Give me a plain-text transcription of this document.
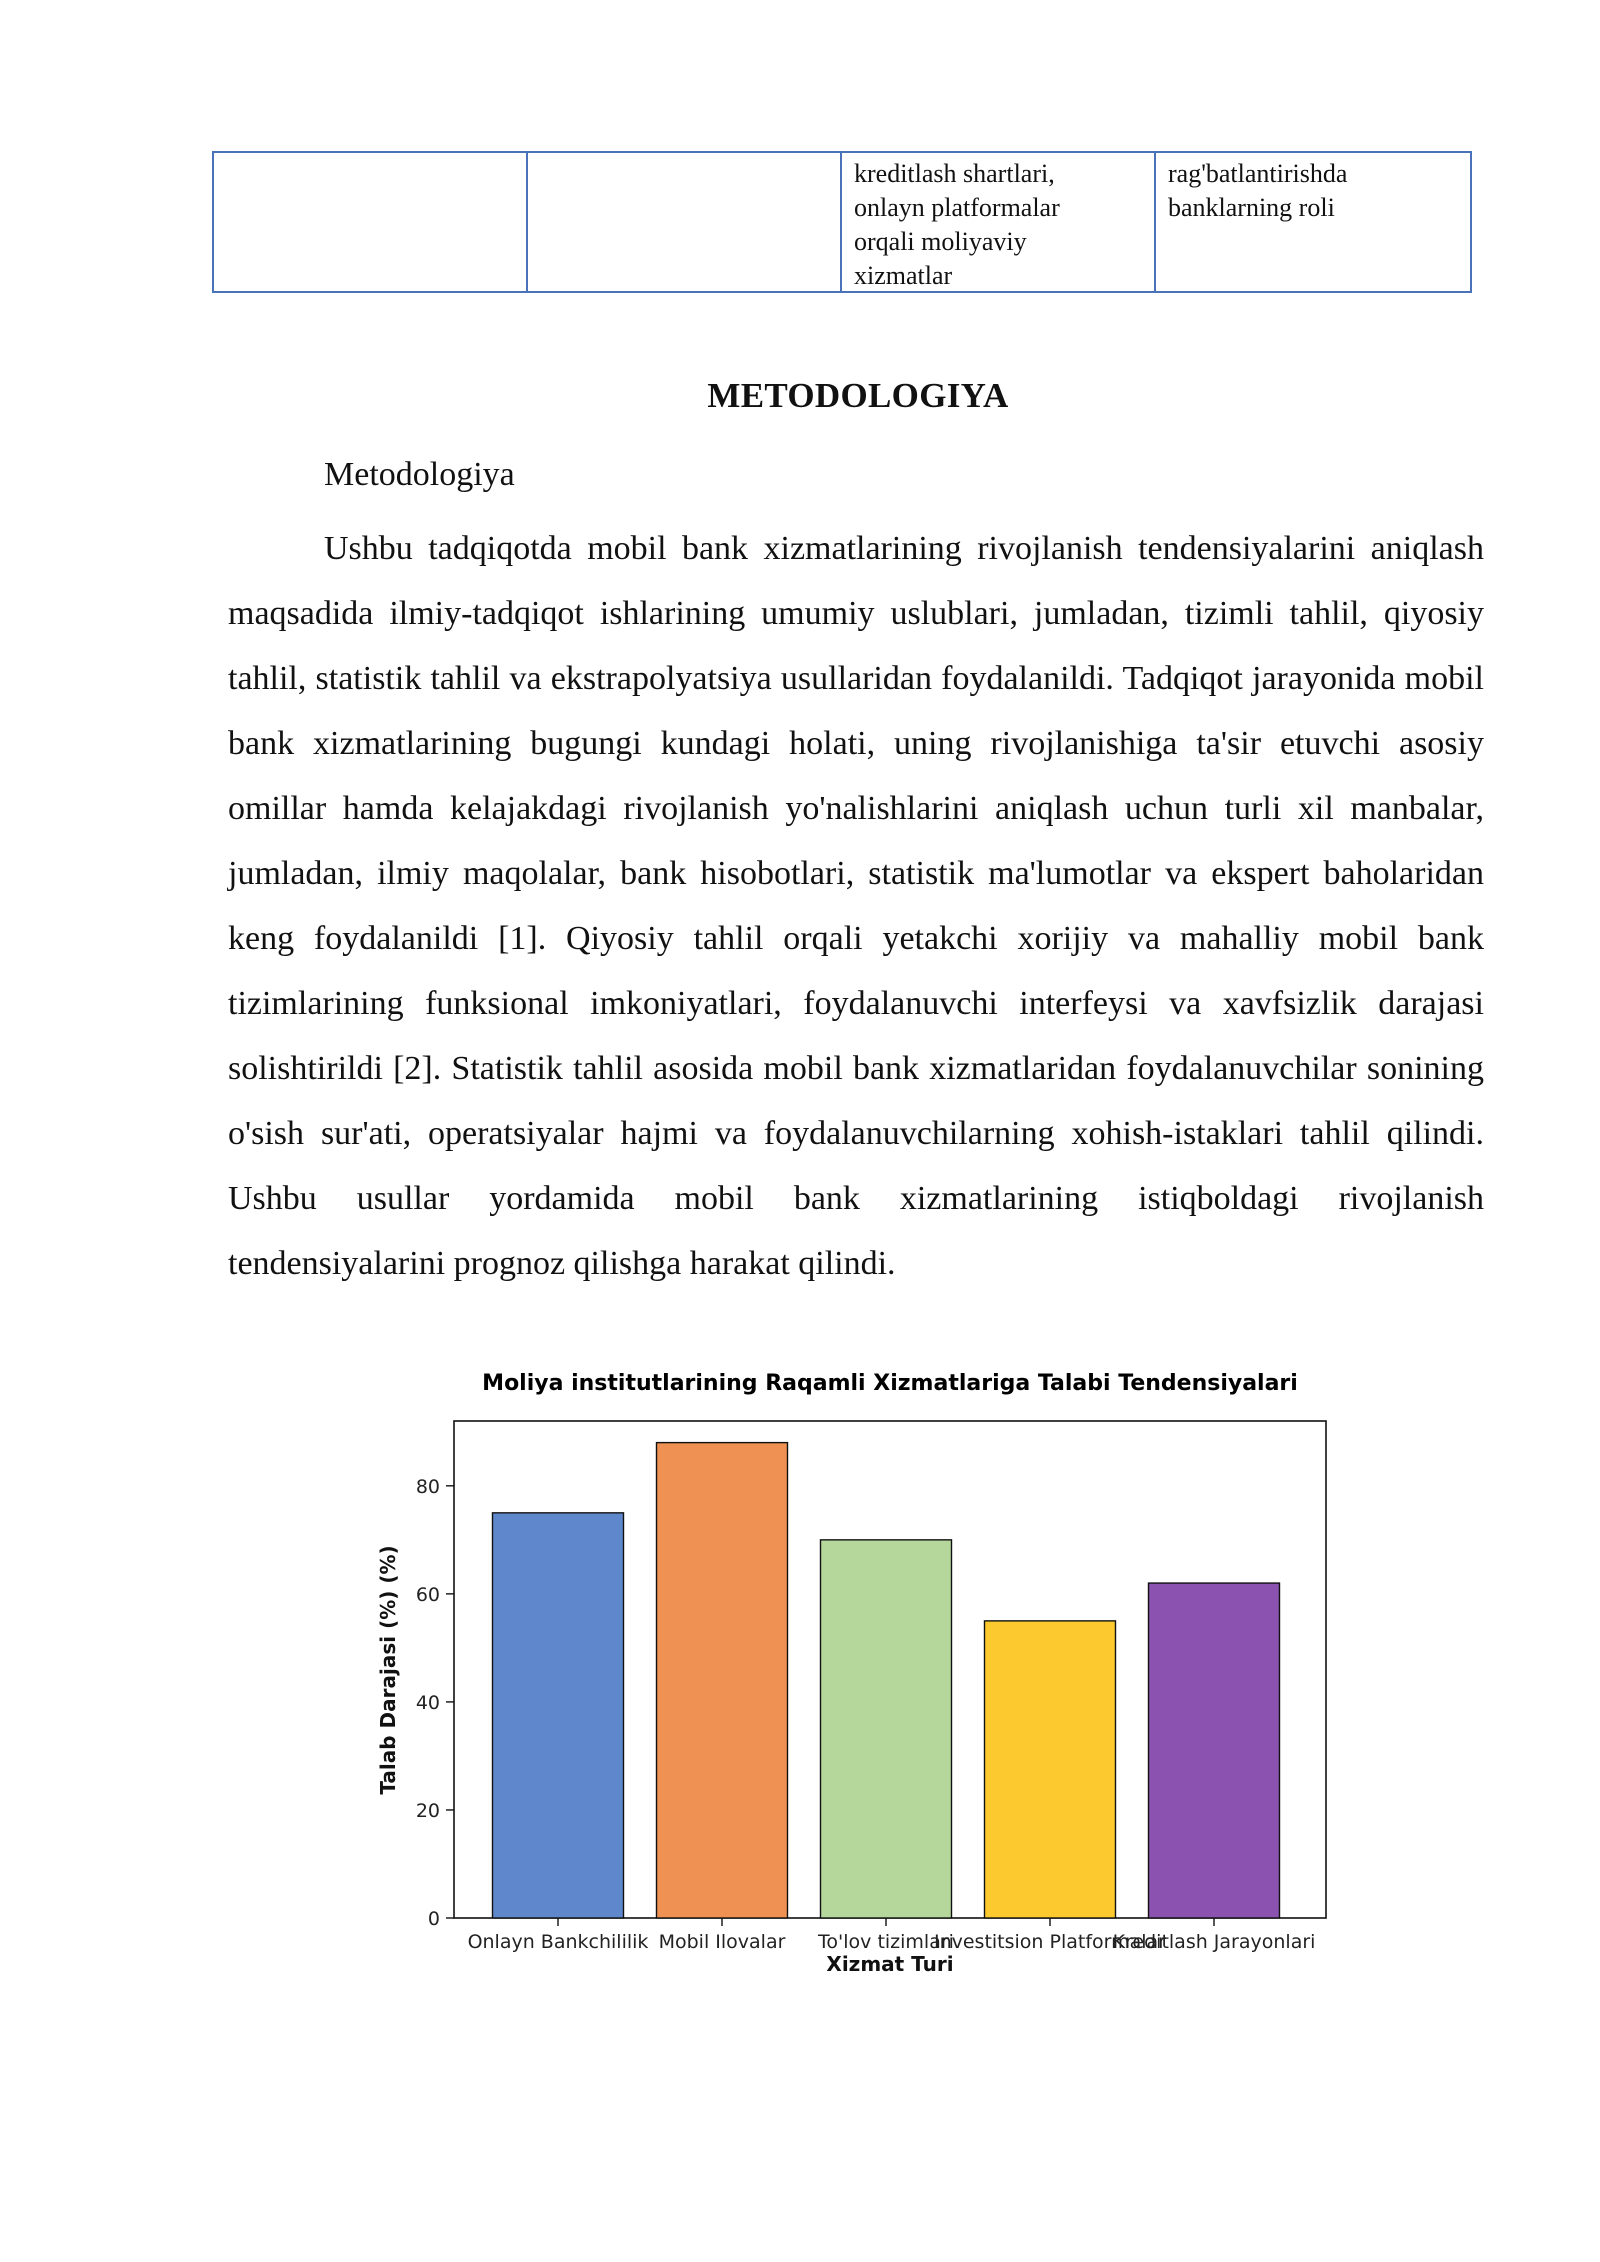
kreditlash shartlari,
onlayn platformalar
orqali moliyaviy
xizmatlar
rag'batlantirishda
banklarning roli
METODOLOGIYA
Metodologiya

Ushbu tadqiqotda mobil bank xizmatlarining rivojlanish tendensiyalarini aniqlash maqsadida ilmiy-tadqiqot ishlarining umumiy uslublari, jumladan, tizimli tahlil, qiyosiy tahlil, statistik tahlil va ekstrapolyatsiya usullaridan foydalanildi. Tadqiqot jarayonida mobil bank xizmatlarining bugungi kundagi holati, uning rivojlanishiga ta'sir etuvchi asosiy omillar hamda kelajakdagi rivojlanish yo'nalishlarini aniqlash uchun turli xil manbalar, jumladan, ilmiy maqolalar, bank hisobotlari, statistik ma'lumotlar va ekspert baholaridan keng foydalanildi [1]. Qiyosiy tahlil orqali yetakchi xorijiy va mahalliy mobil bank tizimlarining funksional imkoniyatlari, foydalanuvchi interfeysi va xavfsizlik darajasi solishtirildi [2]. Statistik tahlil asosida mobil bank xizmatlaridan foydalanuvchilar sonining o'sish sur'ati, operatsiyalar hajmi va foydalanuvchilarning xohish-istaklari tahlil qilindi. Ushbu usullar yordamida mobil bank xizmatlarining istiqboldagi rivojlanish tendensiyalarini prognoz qilishga harakat qilindi.

Moliya institutlarining Raqamli Xizmatlariga Talabi Tendensiyalari
0
20
40
60
80
Onlayn Bankchililik Mobil Ilovalar To'lov tizimlari
Investitsion Platformalar
Kreditlash Jarayonlari
Xizmat Turi
Talab Darajasi (%) (%)
